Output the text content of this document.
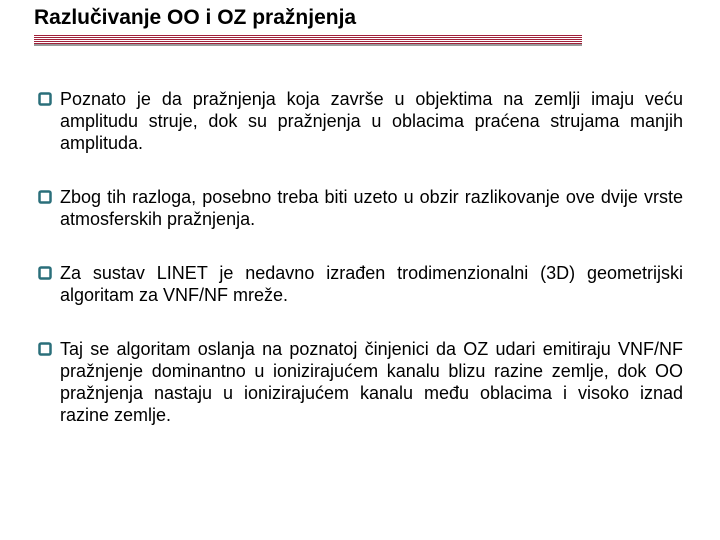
Razlučivanje OO i OZ pražnjenja
Poznato je da pražnjenja koja završe u objektima na zemlji imaju veću amplitudu struje, dok su pražnjenja u oblacima praćena strujama manjih amplituda.
Zbog tih razloga, posebno treba biti uzeto u obzir razlikovanje ove dvije vrste atmosferskih pražnjenja.
Za sustav LINET je nedavno izrađen trodimenzionalni (3D) geometrijski algoritam za VNF/NF mreže.
Taj se algoritam oslanja na poznatoj činjenici da OZ udari emitiraju VNF/NF pražnjenje dominantno u ionizirajućem kanalu blizu razine zemlje, dok OO pražnjenja nastaju u ionizirajućem kanalu među oblacima i visoko iznad razine zemlje.
